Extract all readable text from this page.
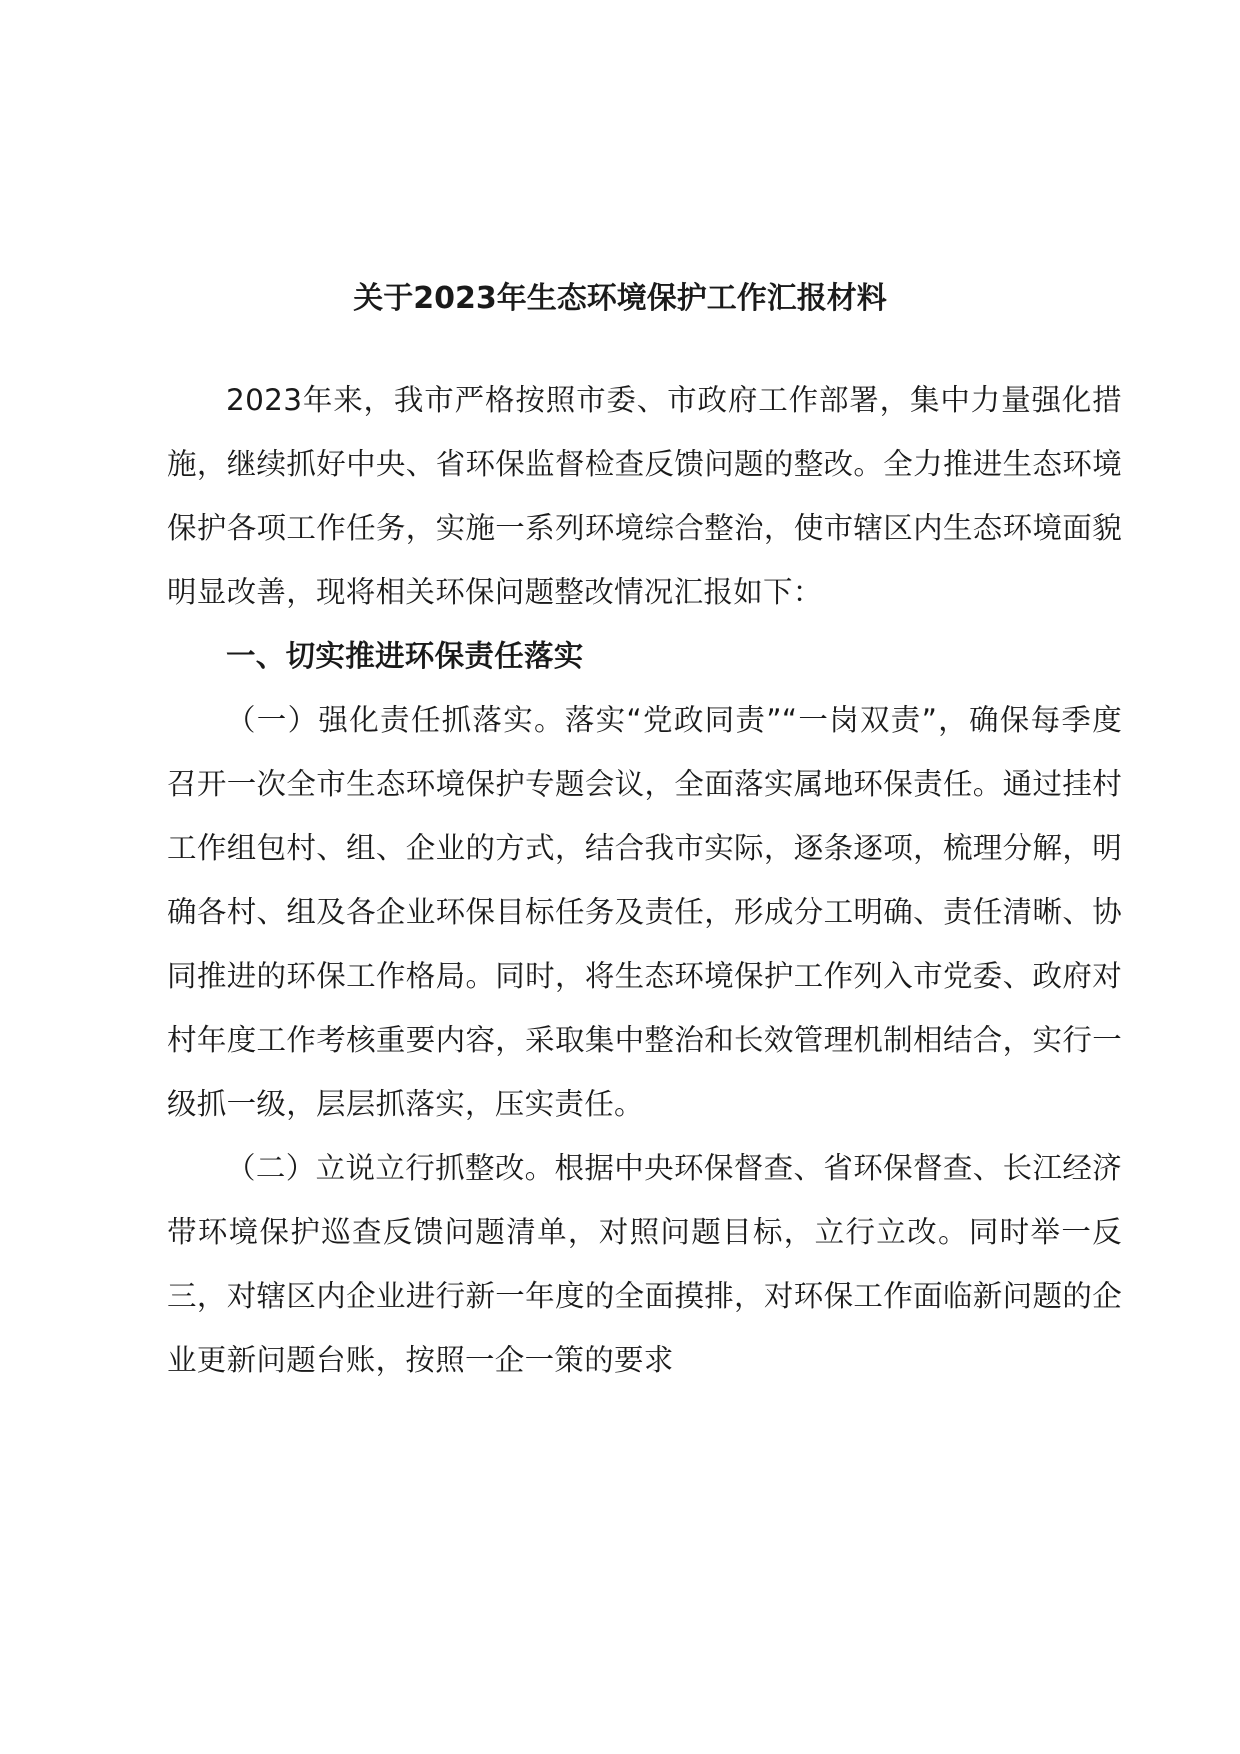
关于2023年生态环境保护工作汇报材料

2023年来，我市严格按照市委、市政府工作部署，集中力量强化措施，继续抓好中央、省环保监督检查反馈问题的整改。全力推进生态环境保护各项工作任务，实施一系列环境综合整治，使市辖区内生态环境面貌明显改善，现将相关环保问题整改情况汇报如下：

一、切实推进环保责任落实

（一）强化责任抓落实。落实“党政同责”“一岗双责”，确保每季度召开一次全市生态环境保护专题会议，全面落实属地环保责任。通过挂村工作组包村、组、企业的方式，结合我市实际，逐条逐项，梳理分解，明确各村、组及各企业环保目标任务及责任，形成分工明确、责任清晰、协同推进的环保工作格局。同时，将生态环境保护工作列入市党委、政府对村年度工作考核重要内容，采取集中整治和长效管理机制相结合，实行一级抓一级，层层抓落实，压实责任。

（二）立说立行抓整改。根据中央环保督查、省环保督查、长江经济带环境保护巡查反馈问题清单，对照问题目标，立行立改。同时举一反三，对辖区内企业进行新一年度的全面摸排，对环保工作面临新问题的企业更新问题台账，按照一企一策的要求
